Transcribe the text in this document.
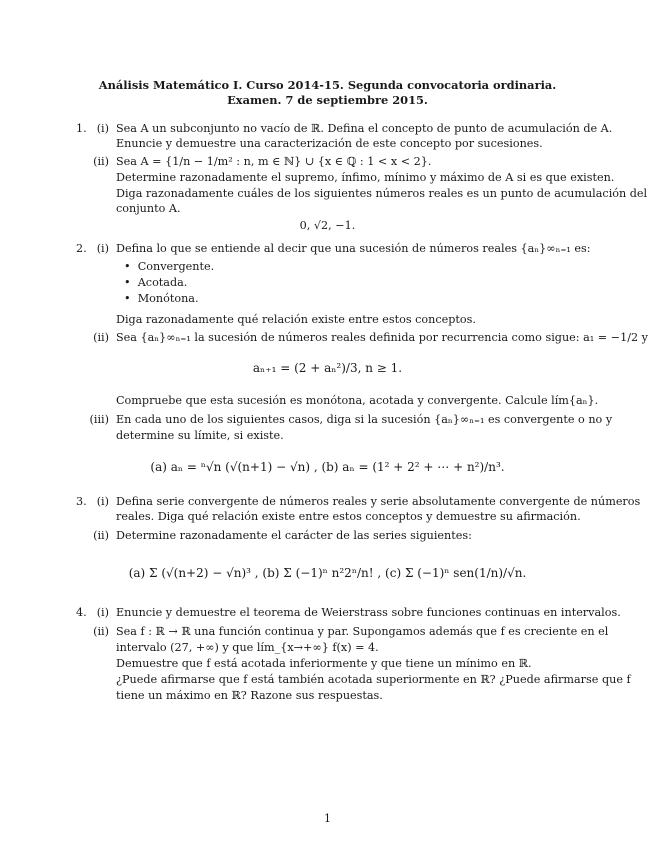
Análisis Matemático I. Curso 2014-15. Segunda convocatoria ordinaria.
Examen. 7 de septiembre 2015.
1. (i) Sea A un subconjunto no vacío de ℝ. Defina el concepto de punto de acumulación de A.
Enuncie y demuestre una caracterización de este concepto por sucesiones.
(ii) Sea A = {1/n − 1/m² : n, m ∈ ℕ} ∪ {x ∈ ℚ : 1 < x < 2}.
Determine razonadamente el supremo, ínfimo, mínimo y máximo de A si es que existen.
Diga razonadamente cuáles de los siguientes números reales es un punto de acumulación del
conjunto A.
0, √2, −1.
2. (i) Defina lo que se entiende al decir que una sucesión de números reales {aₙ}∞ₙ₌₁ es:
•  Convergente.
•  Acotada.
•  Monótona.
Diga razonadamente qué relación existe entre estos conceptos.
(ii) Sea {aₙ}∞ₙ₌₁ la sucesión de números reales definida por recurrencia como sigue: a₁ = −1/2 y
aₙ₊₁ = (2 + aₙ²)/3, n ≥ 1.
Compruebe que esta sucesión es monótona, acotada y convergente. Calcule lím{aₙ}.
(iii) En cada uno de los siguientes casos, diga si la sucesión {aₙ}∞ₙ₌₁ es convergente o no y
determine su límite, si existe.
(a) aₙ = ⁿ√n (√(n+1) − √n) , (b) aₙ = (1² + 2² + ⋯ + n²)/n³.
3. (i) Defina serie convergente de números reales y serie absolutamente convergente de números
reales. Diga qué relación existe entre estos conceptos y demuestre su afirmación.
(ii) Determine razonadamente el carácter de las series siguientes:
(a) Σ (√(n+2) − √n)³ , (b) Σ (−1)ⁿ n²2ⁿ/n! , (c) Σ (−1)ⁿ sen(1/n)/√n.
4. (i) Enuncie y demuestre el teorema de Weierstrass sobre funciones continuas en intervalos.
(ii) Sea f : ℝ → ℝ una función continua y par. Supongamos además que f es creciente en el
intervalo (27, +∞) y que lím_{x→+∞} f(x) = 4.
Demuestre que f está acotada inferiormente y que tiene un mínimo en ℝ.
¿Puede afirmarse que f está también acotada superiormente en ℝ? ¿Puede afirmarse que f
tiene un máximo en ℝ? Razone sus respuestas.
1
